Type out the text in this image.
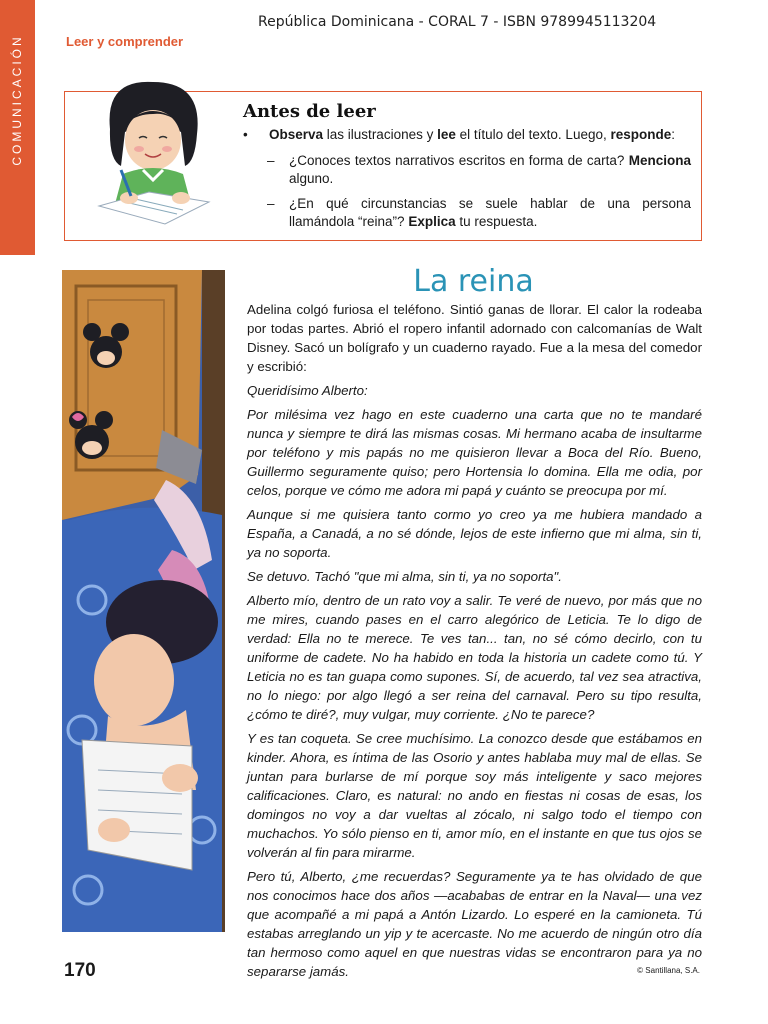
COMUNICACIÓN
República Dominicana - CORAL 7 - ISBN 9789945113204
Leer y comprender
Antes de leer
• Observa las ilustraciones y lee el título del texto. Luego, responde:
–	¿Conoces textos narrativos escritos en forma de carta? Menciona alguno.
–	¿En qué circunstancias se suele hablar de una persona llamándola “reina”? Explica tu respuesta.
La reina

Adelina colgó furiosa el teléfono. Sintió ganas de llorar. El calor la rodeaba por todas partes. Abrió el ropero infantil adornado con calcomanías de Walt Disney. Sacó un bolígrafo y un cuaderno rayado. Fue a la mesa del comedor y escribió:

Queridísimo Alberto:

Por milésima vez hago en este cuaderno una carta que no te mandaré nunca y siempre te dirá las mismas cosas. Mi hermano acaba de insultarme por teléfono y mis papás no me quisieron llevar a Boca del Río. Bueno, Guillermo seguramente quiso; pero Hortensia lo domina. Ella me odia, por celos, porque ve cómo me adora mi papá y cuánto se preocupa por mí.

Aunque si me quisiera tanto cormo yo creo ya me hubiera mandado a España, a Canadá, a no sé dónde, lejos de este infierno que mi alma, sin ti, ya no soporta.

Se detuvo. Tachó "que mi alma, sin ti, ya no soporta".

Alberto mío, dentro de un rato voy a salir. Te veré de nuevo, por más que no me mires, cuando pases en el carro alegórico de Leticia. Te lo digo de verdad: Ella no te merece. Te ves tan... tan, no sé cómo decirlo, con tu uniforme de cadete. No ha habido en toda la historia un cadete como tú. Y Leticia no es tan guapa como supones. Sí, de acuerdo, tal vez sea atractiva, no lo niego: por algo llegó a ser reina del carnaval. Pero su tipo resulta, ¿cómo te diré?, muy vulgar, muy corriente. ¿No te parece?

Y es tan coqueta. Se cree muchísimo. La conozco desde que estábamos en kinder. Ahora, es íntima de las Osorio y antes hablaba muy mal de ellas. Se juntan para burlarse de mí porque soy más inteligente y saco mejores calificaciones. Claro, es natural: no ando en fiestas ni cosas de esas, los domingos no voy a dar vueltas al zócalo, ni salgo todo el tiempo con muchachos. Yo sólo pienso en ti, amor mío, en el instante en que tus ojos se volverán al fin para mirarme.

Pero tú, Alberto, ¿me recuerdas? Seguramente ya te has olvidado de que nos conocimos hace dos años —acababas de entrar en la Naval— una vez que acompañé a mi papá a Antón Lizardo. Lo esperé en la camioneta. Tú estabas arreglando un yip y te acercaste. No me acuerdo de ningún otro día tan hermoso como aquel en que nuestras vidas se encontraron para ya no separarse jamás.

170	© Santillana, S.A.
